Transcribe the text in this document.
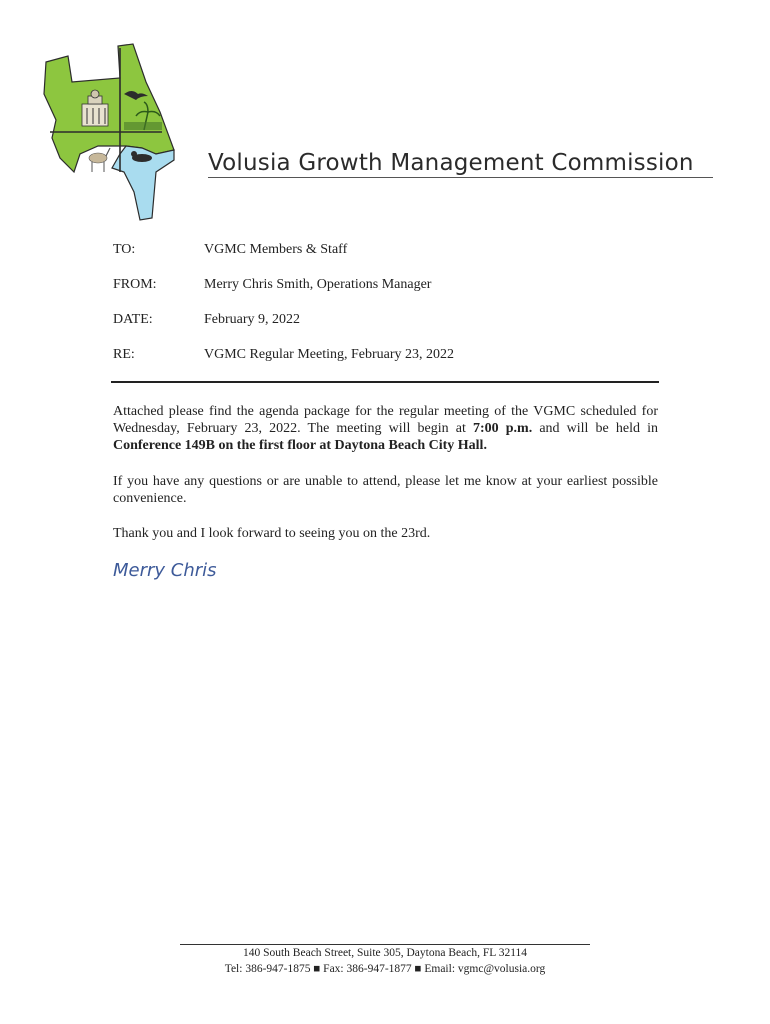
Volusia Growth Management Commission
TO:	VGMC Members & Staff
FROM:	Merry Chris Smith, Operations Manager
DATE:	February 9, 2022
RE:	VGMC Regular Meeting, February 23, 2022
Attached please find the agenda package for the regular meeting of the VGMC scheduled for Wednesday, February 23, 2022. The meeting will begin at 7:00 p.m. and will be held in Conference 149B on the first floor at Daytona Beach City Hall.
If you have any questions or are unable to attend, please let me know at your earliest possible convenience.
Thank you and I look forward to seeing you on the 23rd.
Merry Chris
140 South Beach Street, Suite 305, Daytona Beach, FL 32114
Tel: 386-947-1875 ■ Fax: 386-947-1877 ■ Email: vgmc@volusia.org
